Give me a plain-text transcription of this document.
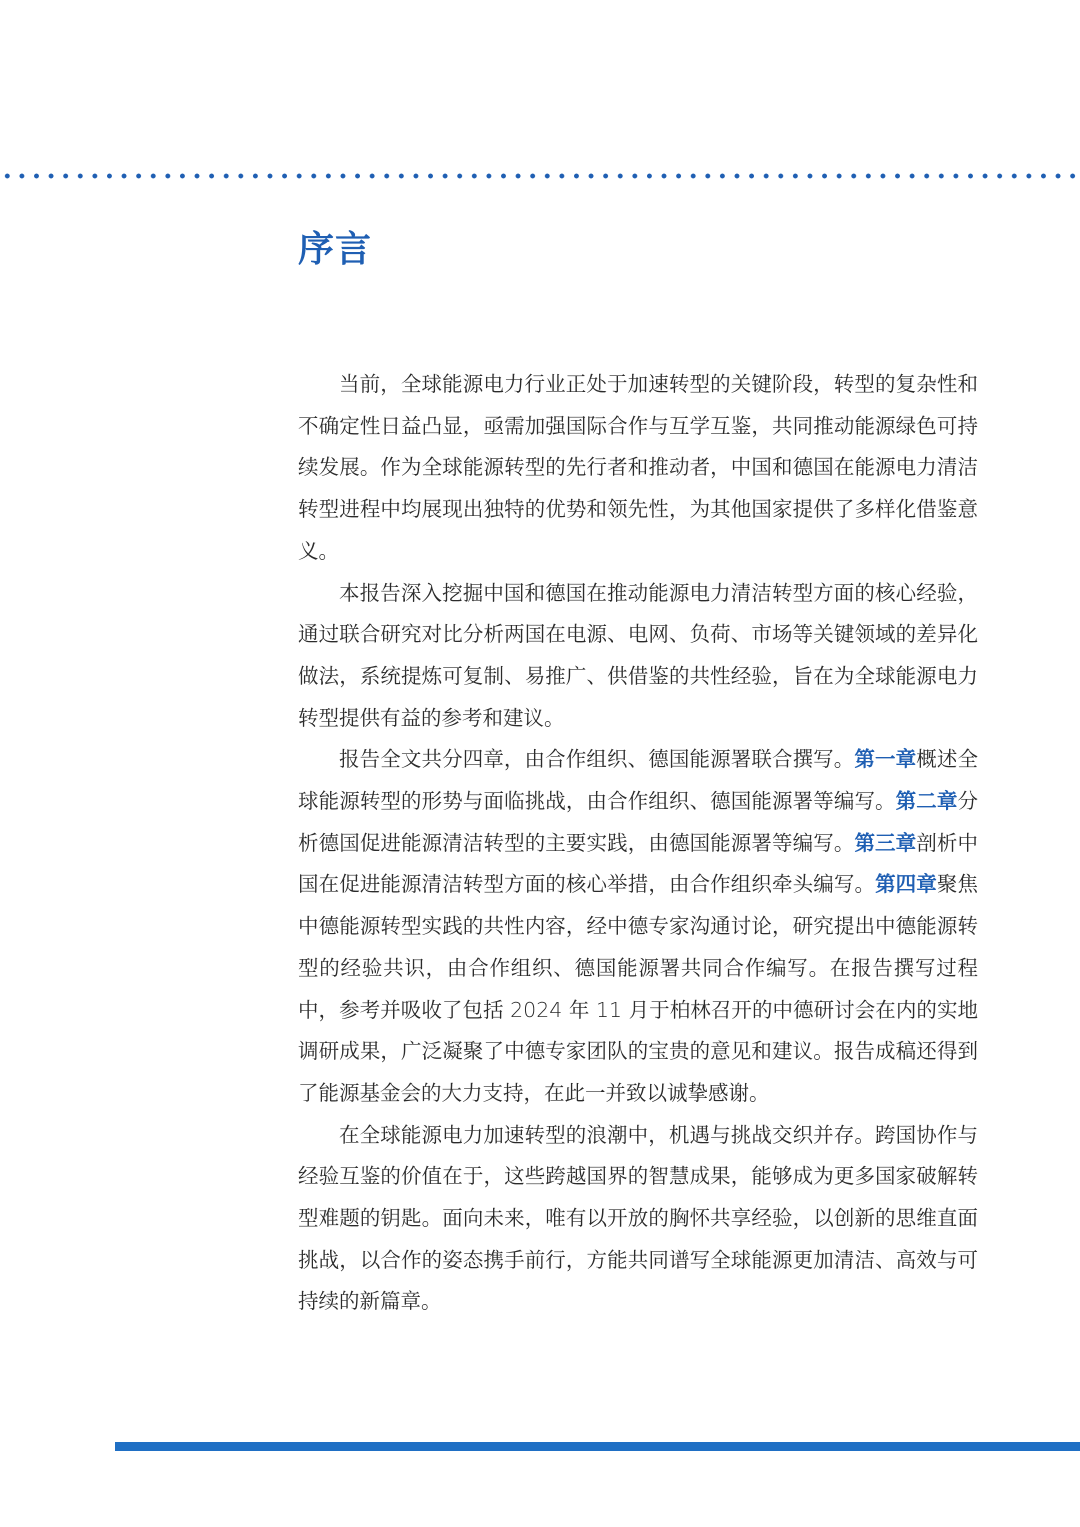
序言

当前，全球能源电力行业正处于加速转型的关键阶段，转型的复杂性和不确定性日益凸显，亟需加强国际合作与互学互鉴，共同推动能源绿色可持续发展。作为全球能源转型的先行者和推动者，中国和德国在能源电力清洁转型进程中均展现出独特的优势和领先性，为其他国家提供了多样化借鉴意义。

本报告深入挖掘中国和德国在推动能源电力清洁转型方面的核心经验，通过联合研究对比分析两国在电源、电网、负荷、市场等关键领域的差异化做法，系统提炼可复制、易推广、供借鉴的共性经验，旨在为全球能源电力转型提供有益的参考和建议。

报告全文共分四章，由合作组织、德国能源署联合撰写。第一章概述全球能源转型的形势与面临挑战，由合作组织、德国能源署等编写。第二章分析德国促进能源清洁转型的主要实践，由德国能源署等编写。第三章剖析中国在促进能源清洁转型方面的核心举措，由合作组织牵头编写。第四章聚焦中德能源转型实践的共性内容，经中德专家沟通讨论，研究提出中德能源转型的经验共识，由合作组织、德国能源署共同合作编写。在报告撰写过程中，参考并吸收了包括 2024 年 11 月于柏林召开的中德研讨会在内的实地调研成果，广泛凝聚了中德专家团队的宝贵的意见和建议。报告成稿还得到了能源基金会的大力支持，在此一并致以诚挚感谢。

在全球能源电力加速转型的浪潮中，机遇与挑战交织并存。跨国协作与经验互鉴的价值在于，这些跨越国界的智慧成果，能够成为更多国家破解转型难题的钥匙。面向未来，唯有以开放的胸怀共享经验，以创新的思维直面挑战，以合作的姿态携手前行，方能共同谱写全球能源更加清洁、高效与可持续的新篇章。
